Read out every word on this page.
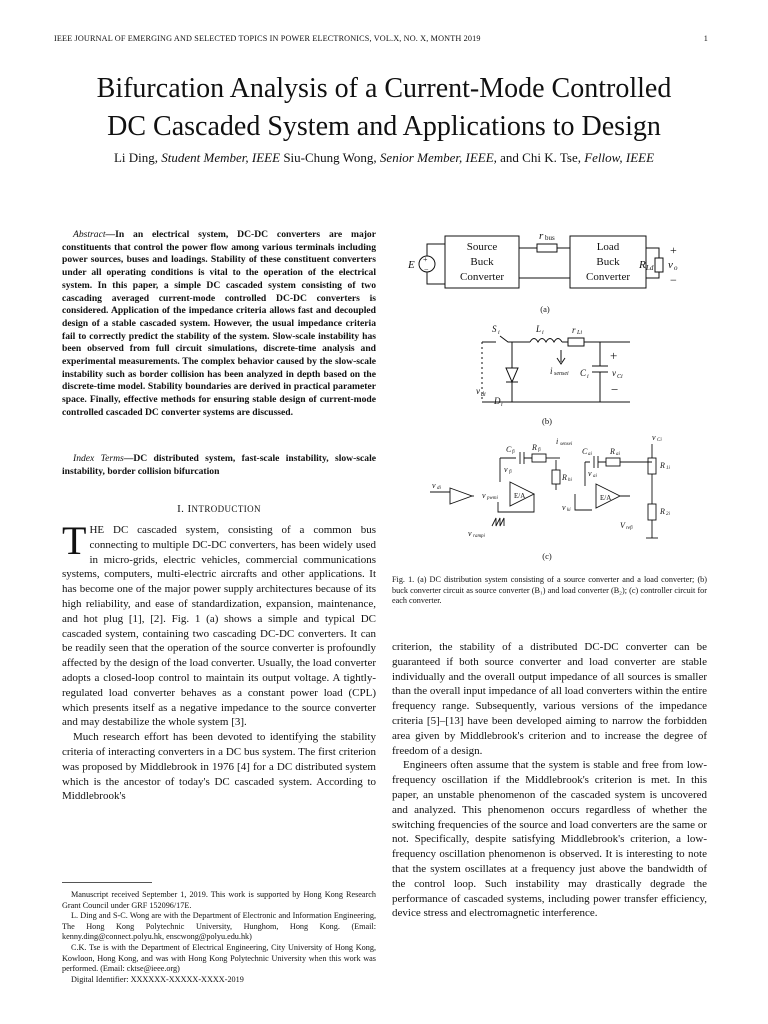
IEEE JOURNAL OF EMERGING AND SELECTED TOPICS IN POWER ELECTRONICS, VOL.X, NO. X, MONTH 2019	1
Bifurcation Analysis of a Current-Mode Controlled
DC Cascaded System and Applications to Design
Li Ding, Student Member, IEEE Siu-Chung Wong, Senior Member, IEEE, and Chi K. Tse, Fellow, IEEE

Abstract—In an electrical system, DC-DC converters are major constituents that control the power flow among various terminals including power sources, buses and loadings. Stability of these constituent converters under all operating conditions is vital to the operation of the electrical system. In this paper, a simple DC cascaded system consisting of two cascading averaged current-mode controlled DC-DC converters is considered. Application of the impedance criteria allows fast and decoupled design of a stable cascaded system. However, the usual impedance criteria fail to correctly predict the stability of the system. Slow-scale instability has been observed from full circuit simulations, discrete-time analysis and experimental measurements. The complex behavior caused by the slow-scale instability such as border collision has been analyzed in depth based on the discrete-time model. Stability boundaries are derived in practical parameter space. Finally, effective methods for ensuring stable design of current-mode controlled cascaded DC converter systems are discussed.

Index Terms—DC distributed system, fast-scale instability, slow-scale instability, border collision bifurcation

I. INTRODUCTION

THE DC cascaded system, consisting of a common bus connecting to multiple DC-DC converters, has been widely used in micro-grids, electric vehicles, commercial communications systems, computers, multi-electric aircrafts and other applications. It has become one of the major power supply architectures because of its high reliability, and ease of standardization, expansion, maintenance, and hot plug [1], [2]. Fig. 1 (a) shows a simple and typical DC cascaded system, containing two cascading DC-DC converters. It can be readily seen that the operation of the source converter is profoundly affected by the design of the load converter. Usually, the load converter adopts a closed-loop control to maintain its output voltage. A tightly-regulated load converter behaves as a constant power load (CPL) which presents itself as a negative impedance to the source converter and may destabilize the whole system [3].

Much research effort has been devoted to identifying the stability criteria of interacting converters in a DC bus system. The first criterion was proposed by Middlebrook in 1976 [4] for a DC distributed system which is the ancestor of today's DC cascaded system. According to Middlebrook's

Manuscript received September 1, 2019. This work is supported by Hong Kong Research Grant Council under GRF 152096/17E.

L. Ding and S-C. Wong are with the Department of Electronic and Information Engineering, The Hong Kong Polytechnic University, Hunghom, Hong Kong. (Email: kenny.ding@connect.polyu.hk, enscwong@polyu.edu.hk)

C.K. Tse is with the Department of Electrical Engineering, City University of Hong Kong, Kowloon, Hong Kong, and was with Hong Kong Polytechnic University when this work was performed. (Email: cktse@ieee.org)

Digital Identifier: XXXXXX-XXXXX-XXXX-2019

Source
Buck
Converter
Load
Buck
Converter
r bus
E +
−	R Ld
+
v o
−
(a)
S i	L i	r Li
v di
D i
i sensei C i
+
v Ci
−
(b)
v Ci
i sensei
C fi
R fi
R hi
C ai R ai
R 1i
R 2i
v fi	v ai
v di
v pwmi
v rampi
v ki
V refi
E/A	E/A
(c)
Fig. 1. (a) DC distribution system consisting of a source converter and a load converter; (b) buck converter circuit as source converter (B₁) and load converter (B₂); (c) controller circuit for each converter.

criterion, the stability of a distributed DC-DC converter can be guaranteed if both source converter and load converter are stable individually and the overall output impedance of all sources is smaller than the overall input impedance of all load converters within the entire frequency range. Subsequently, various versions of the impedance criteria [5]–[13] have been developed aiming to narrow the forbidden area given by Middlebrook's criterion and to increase the degree of freedom of a design.

Engineers often assume that the system is stable and free from low-frequency oscillation if the Middlebrook's criterion is met. In this paper, an unstable phenomenon of the cascaded system is uncovered and analyzed. This phenomenon occurs regardless of whether the switching frequencies of the source and load converters are the same or not. Specifically, despite satisfying Middlebrook's criterion, a low-frequency oscillation phenomenon is observed. It is interesting to note that the system oscillates at a frequency just above the bandwidth of the control loop. Such instability may drastically degrade the performance of cascaded systems, including power transfer efficiency, device stress and electromagnetic interference.
